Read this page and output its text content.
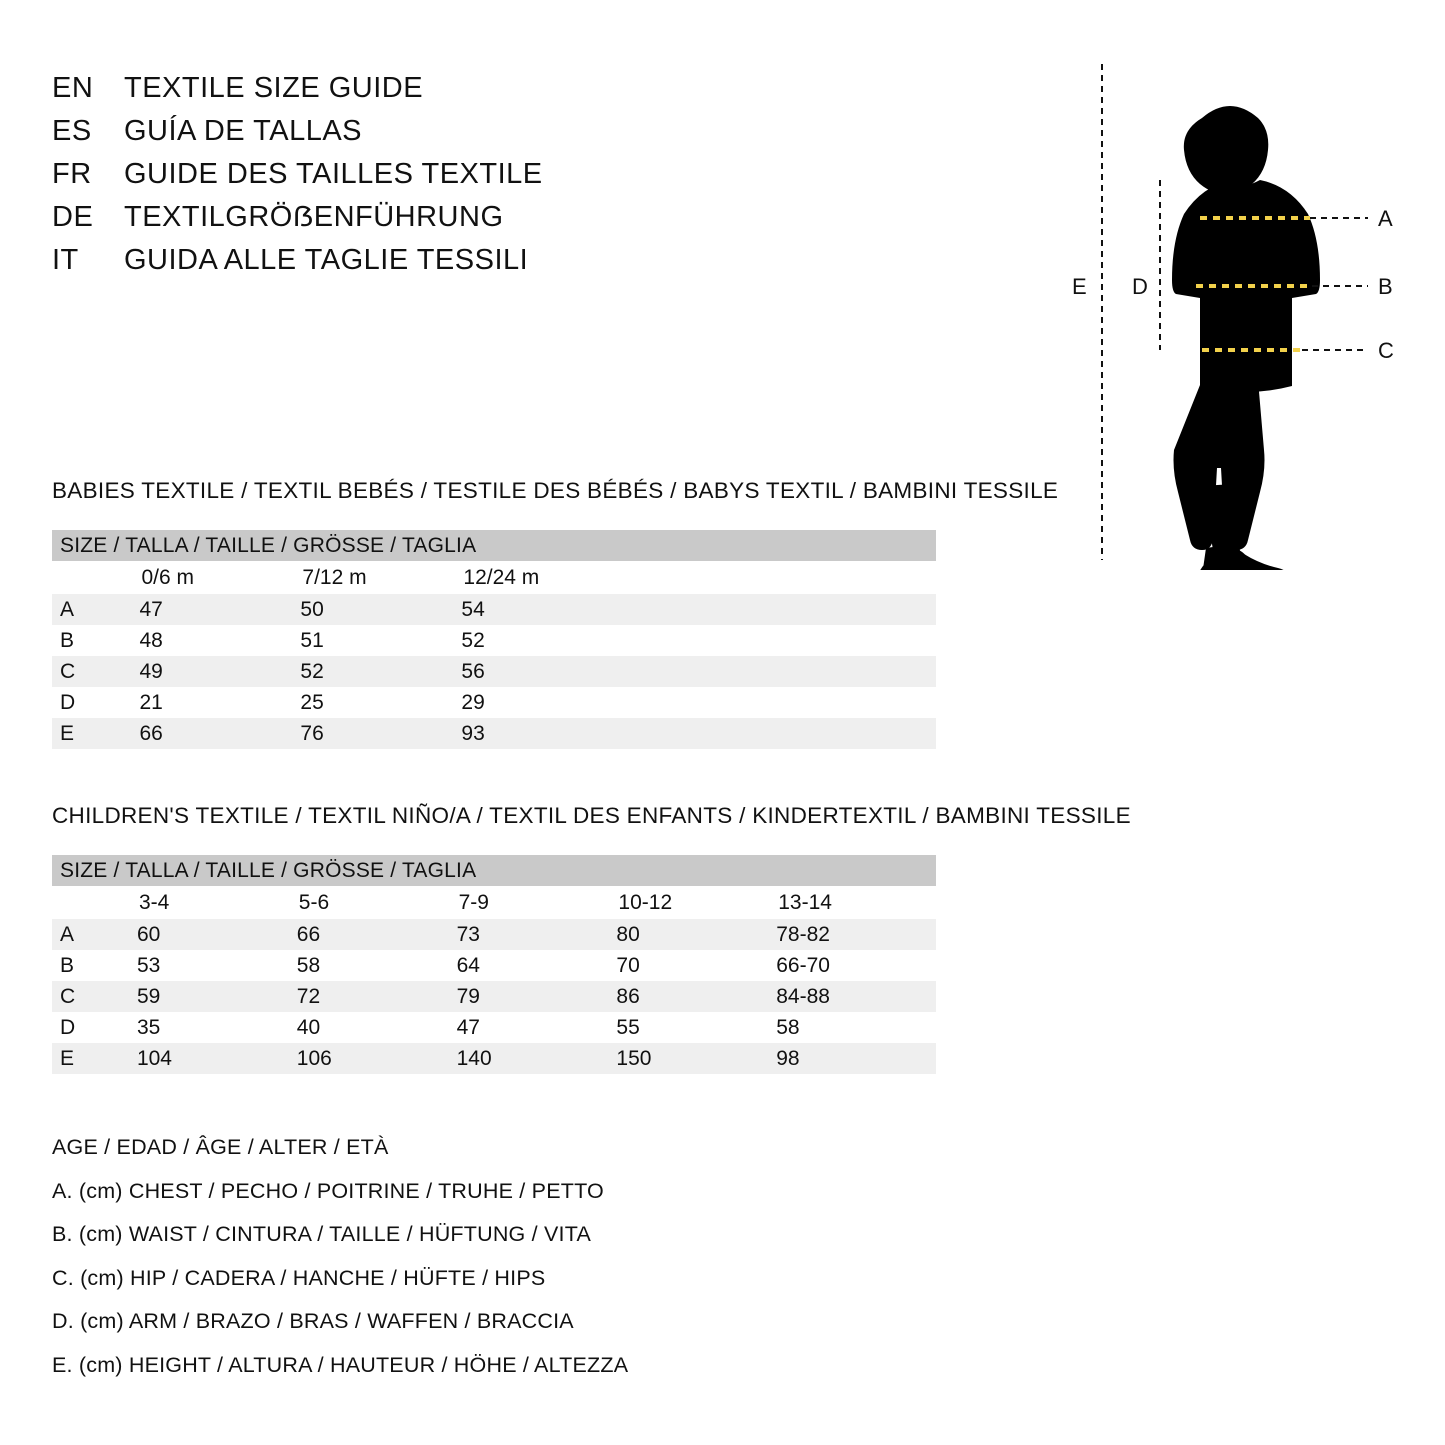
EN	TEXTILE SIZE GUIDE
ES	GUÍA DE TALLAS
FR	GUIDE DES TAILLES TEXTILE
DE	TEXTILGRÖẞENFÜHRUNG
IT	GUIDA ALLE TAGLIE TESSILI
A
B
C
D
E
BABIES TEXTILE / TEXTIL BEBÉS / TESTILE DES BÉBÉS / BABYS TEXTIL / BAMBINI TESSILE
SIZE / TALLA / TAILLE / GRÖSSE / TAGLIA				
	0/6 m	7/12 m	12/24 m	
A	47	50	54	
B	48	51	52	
C	49	52	56	
D	21	25	29	
E	66	76	93	
CHILDREN'S TEXTILE / TEXTIL NIÑO/A / TEXTIL DES ENFANTS / KINDERTEXTIL / BAMBINI TESSILE
SIZE / TALLA / TAILLE / GRÖSSE / TAGLIA					
	3-4	5-6	7-9	10-12	13-14
A	60	66	73	80	78-82
B	53	58	64	70	66-70
C	59	72	79	86	84-88
D	35	40	47	55	58
E	104	106	140	150	98
AGE / EDAD / ÂGE / ALTER / ETÀ
A. (cm) CHEST / PECHO / POITRINE / TRUHE / PETTO
B. (cm) WAIST / CINTURA / TAILLE / HÜFTUNG / VITA
C. (cm) HIP / CADERA / HANCHE / HÜFTE / HIPS
D. (cm) ARM / BRAZO / BRAS / WAFFEN / BRACCIA
E. (cm) HEIGHT / ALTURA / HAUTEUR / HÖHE / ALTEZZA
